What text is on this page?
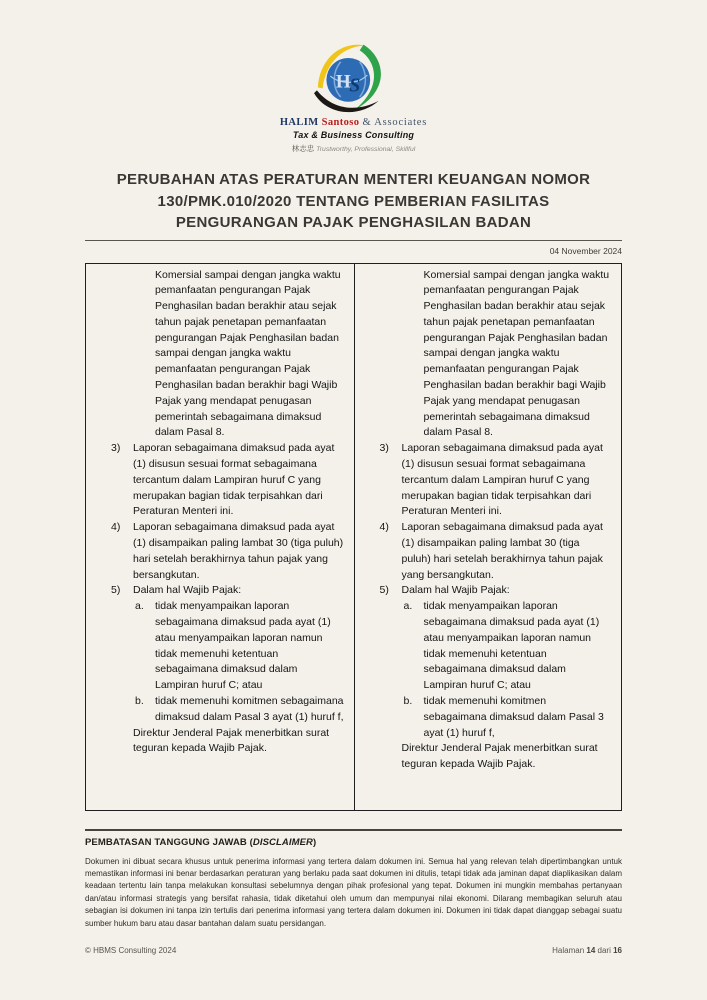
H
S
HALIM Santoso & Associates
Tax & Business Consulting
林志忠 Trustworthy, Professional, Skillful
PERUBAHAN ATAS PERATURAN MENTERI KEUANGAN NOMOR
130/PMK.010/2020 TENTANG PEMBERIAN FASILITAS
PENGURANGAN PAJAK PENGHASILAN BADAN
04 November 2024

Komersial sampai dengan jangka waktu pemanfaatan pengurangan Pajak Penghasilan badan berakhir atau sejak tahun pajak penetapan pemanfaatan pengurangan Pajak Penghasilan badan sampai dengan jangka waktu pemanfaatan pengurangan Pajak Penghasilan badan berakhir bagi Wajib Pajak yang mendapat penugasan pemerintah sebagaimana dimaksud dalam Pasal 8.

3)	Laporan sebagaimana dimaksud pada ayat (1) disusun sesuai format sebagaimana tercantum dalam Lampiran huruf C yang merupakan bagian tidak terpisahkan dari Peraturan Menteri ini.
4)	Laporan sebagaimana dimaksud pada ayat (1) disampaikan paling lambat 30 (tiga puluh) hari setelah berakhirnya tahun pajak yang bersangkutan.
5)	Dalam hal Wajib Pajak:
a.	tidak menyampaikan laporan sebagaimana dimaksud pada ayat (1) atau menyampaikan laporan namun tidak memenuhi ketentuan sebagaimana dimaksud dalam Lampiran huruf C; atau
b.	tidak memenuhi komitmen sebagaimana dimaksud dalam Pasal 3 ayat (1) huruf f,

Direktur Jenderal Pajak menerbitkan surat teguran kepada Wajib Pajak.

Komersial sampai dengan jangka waktu pemanfaatan pengurangan Pajak Penghasilan badan berakhir atau sejak tahun pajak penetapan pemanfaatan pengurangan Pajak Penghasilan badan sampai dengan jangka waktu pemanfaatan pengurangan Pajak Penghasilan badan berakhir bagi Wajib Pajak yang mendapat penugasan pemerintah sebagaimana dimaksud dalam Pasal 8.

3)	Laporan sebagaimana dimaksud pada ayat (1) disusun sesuai format sebagaimana tercantum dalam Lampiran huruf C yang merupakan bagian tidak terpisahkan dari Peraturan Menteri ini.
4)	Laporan sebagaimana dimaksud pada ayat (1) disampaikan paling lambat 30 (tiga puluh) hari setelah berakhirnya tahun pajak yang bersangkutan.
5)	Dalam hal Wajib Pajak:
a.	tidak menyampaikan laporan sebagaimana dimaksud pada ayat (1) atau menyampaikan laporan namun tidak memenuhi ketentuan sebagaimana dimaksud dalam Lampiran huruf C; atau
b.	tidak memenuhi komitmen sebagaimana dimaksud dalam Pasal 3 ayat (1) huruf f,

Direktur Jenderal Pajak menerbitkan surat teguran kepada Wajib Pajak.

PEMBATASAN TANGGUNG JAWAB (DISCLAIMER)

Dokumen ini dibuat secara khusus untuk penerima informasi yang tertera dalam dokumen ini. Semua hal yang relevan telah dipertimbangkan untuk memastikan informasi ini benar berdasarkan peraturan yang berlaku pada saat dokumen ini ditulis, tetapi tidak ada jaminan dapat diaplikasikan dalam keadaan tertentu lain tanpa melakukan konsultasi sebelumnya dengan pihak profesional yang tepat. Dokumen ini mungkin membahas pertanyaan dan/atau informasi strategis yang bersifat rahasia, tidak diketahui oleh umum dan mempunyai nilai ekonomi. Dilarang membagikan seluruh atau sebagian isi dokumen ini tanpa izin tertulis dari penerima informasi yang tertera dalam dokumen ini. Dokumen ini tidak dapat dianggap sebagai suatu sumber hukum baru atau dasar bantahan dalam suatu persidangan.

© HBMS Consulting 2024	Halaman 14 dari 16
